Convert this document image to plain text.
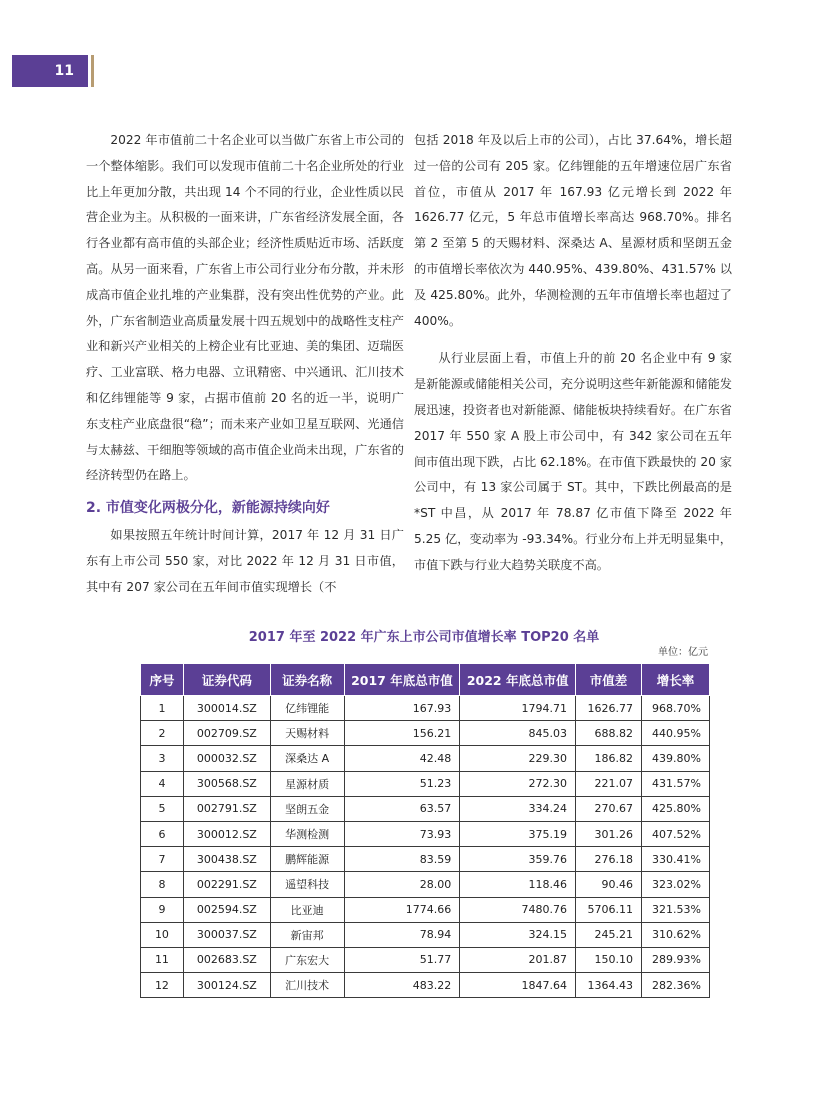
11

2022 年市值前二十名企业可以当做广东省上市公司的一个整体缩影。我们可以发现市值前二十名企业所处的行业比上年更加分散，共出现 14 个不同的行业，企业性质以民营企业为主。从积极的一面来讲，广东省经济发展全面，各行各业都有高市值的头部企业；经济性质贴近市场、活跃度高。从另一面来看，广东省上市公司行业分布分散，并未形成高市值企业扎堆的产业集群，没有突出性优势的产业。此外，广东省制造业高质量发展十四五规划中的战略性支柱产业和新兴产业相关的上榜企业有比亚迪、美的集团、迈瑞医疗、工业富联、格力电器、立讯精密、中兴通讯、汇川技术和亿纬锂能等 9 家，占据市值前 20 名的近一半，说明广东支柱产业底盘很“稳”；而未来产业如卫星互联网、光通信与太赫兹、干细胞等领域的高市值企业尚未出现，广东省的经济转型仍在路上。

2. 市值变化两极分化，新能源持续向好

如果按照五年统计时间计算，2017 年 12 月 31 日广东有上市公司 550 家，对比 2022 年 12 月 31 日市值，其中有 207 家公司在五年间市值实现增长（不

包括 2018 年及以后上市的公司），占比 37.64%，增长超过一倍的公司有 205 家。亿纬锂能的五年增速位居广东省首位，市值从 2017 年 167.93 亿元增长到 2022 年 1626.77 亿元，5 年总市值增长率高达 968.70%。排名第 2 至第 5 的天赐材料、深桑达 A、星源材质和坚朗五金的市值增长率依次为 440.95%、439.80%、431.57% 以及 425.80%。此外，华测检测的五年市值增长率也超过了 400%。

从行业层面上看，市值上升的前 20 名企业中有 9 家是新能源或储能相关公司，充分说明这些年新能源和储能发展迅速，投资者也对新能源、储能板块持续看好。在广东省 2017 年 550 家 A 股上市公司中，有 342 家公司在五年间市值出现下跌，占比 62.18%。在市值下跌最快的 20 家公司中，有 13 家公司属于 ST。其中，下跌比例最高的是 *ST 中昌，从 2017 年 78.87 亿市值下降至 2022 年 5.25 亿，变动率为 -93.34%。行业分布上并无明显集中，市值下跌与行业大趋势关联度不高。

2017 年至 2022 年广东上市公司市值增长率 TOP20 名单
单位：亿元
序号	证券代码	证券名称	2017 年底总市值	2022 年底总市值	市值差	增长率
1	300014.SZ	亿纬锂能	167.93	1794.71	1626.77	968.70%
2	002709.SZ	天赐材料	156.21	845.03	688.82	440.95%
3	000032.SZ	深桑达 A	42.48	229.30	186.82	439.80%
4	300568.SZ	星源材质	51.23	272.30	221.07	431.57%
5	002791.SZ	坚朗五金	63.57	334.24	270.67	425.80%
6	300012.SZ	华测检测	73.93	375.19	301.26	407.52%
7	300438.SZ	鹏辉能源	83.59	359.76	276.18	330.41%
8	002291.SZ	遥望科技	28.00	118.46	90.46	323.02%
9	002594.SZ	比亚迪	1774.66	7480.76	5706.11	321.53%
10	300037.SZ	新宙邦	78.94	324.15	245.21	310.62%
11	002683.SZ	广东宏大	51.77	201.87	150.10	289.93%
12	300124.SZ	汇川技术	483.22	1847.64	1364.43	282.36%
